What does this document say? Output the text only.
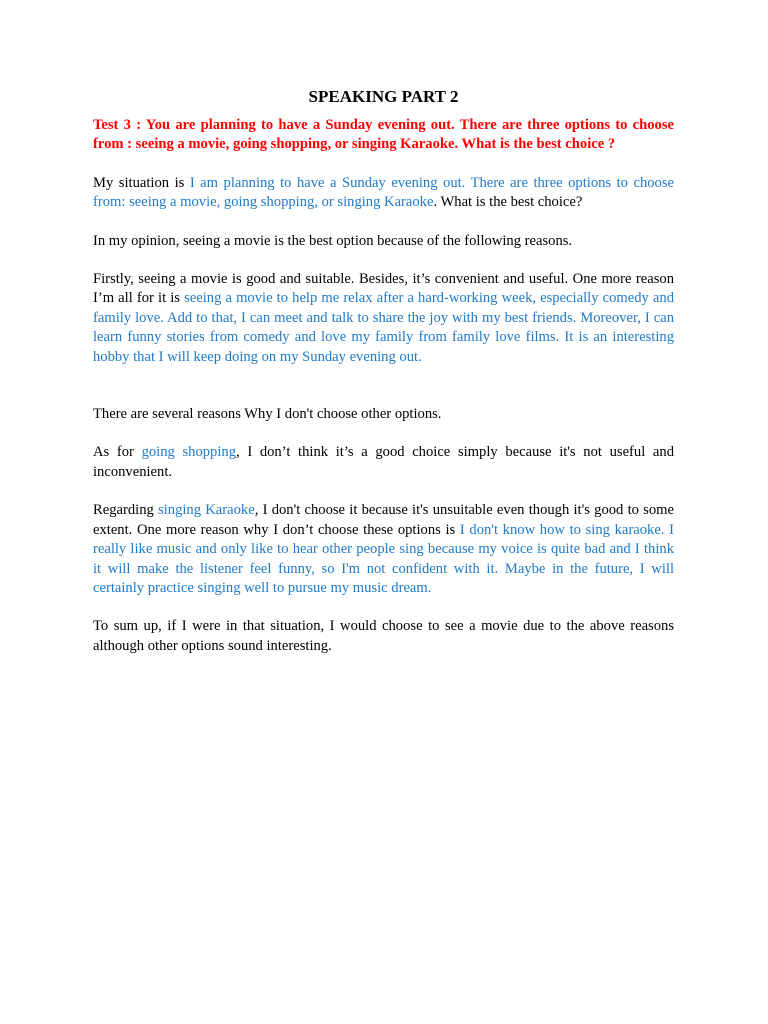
SPEAKING PART 2

Test 3 : You are planning to have a Sunday evening out. There are three options to choose from : seeing a movie, going shopping, or singing Karaoke. What is the best choice ?

My situation is I am planning to have a Sunday evening out. There are three options to choose from: seeing a movie, going shopping, or singing Karaoke. What is the best choice?

In my opinion, seeing a movie is the best option because of the following reasons.

Firstly, seeing a movie is good and suitable. Besides, it’s convenient and useful. One more reason I’m all for it is seeing a movie to help me relax after a hard-working week, especially comedy and family love. Add to that, I can meet and talk to share the joy with my best friends. Moreover, I can learn funny stories from comedy and love my family from family love films. It is an interesting hobby that I will keep doing on my Sunday evening out.

There are several reasons Why I don't choose other options.

As for going shopping, I don’t think it’s a good choice simply because it's not useful and inconvenient.

Regarding singing Karaoke, I don't choose it because it's unsuitable even though it's good to some extent. One more reason why I don’t choose these options is I don't know how to sing karaoke. I really like music and only like to hear other people sing because my voice is quite bad and I think it will make the listener feel funny, so I'm not confident with it. Maybe in the future, I will certainly practice singing well to pursue my music dream.

To sum up, if I were in that situation, I would choose to see a movie due to the above reasons although other options sound interesting.
